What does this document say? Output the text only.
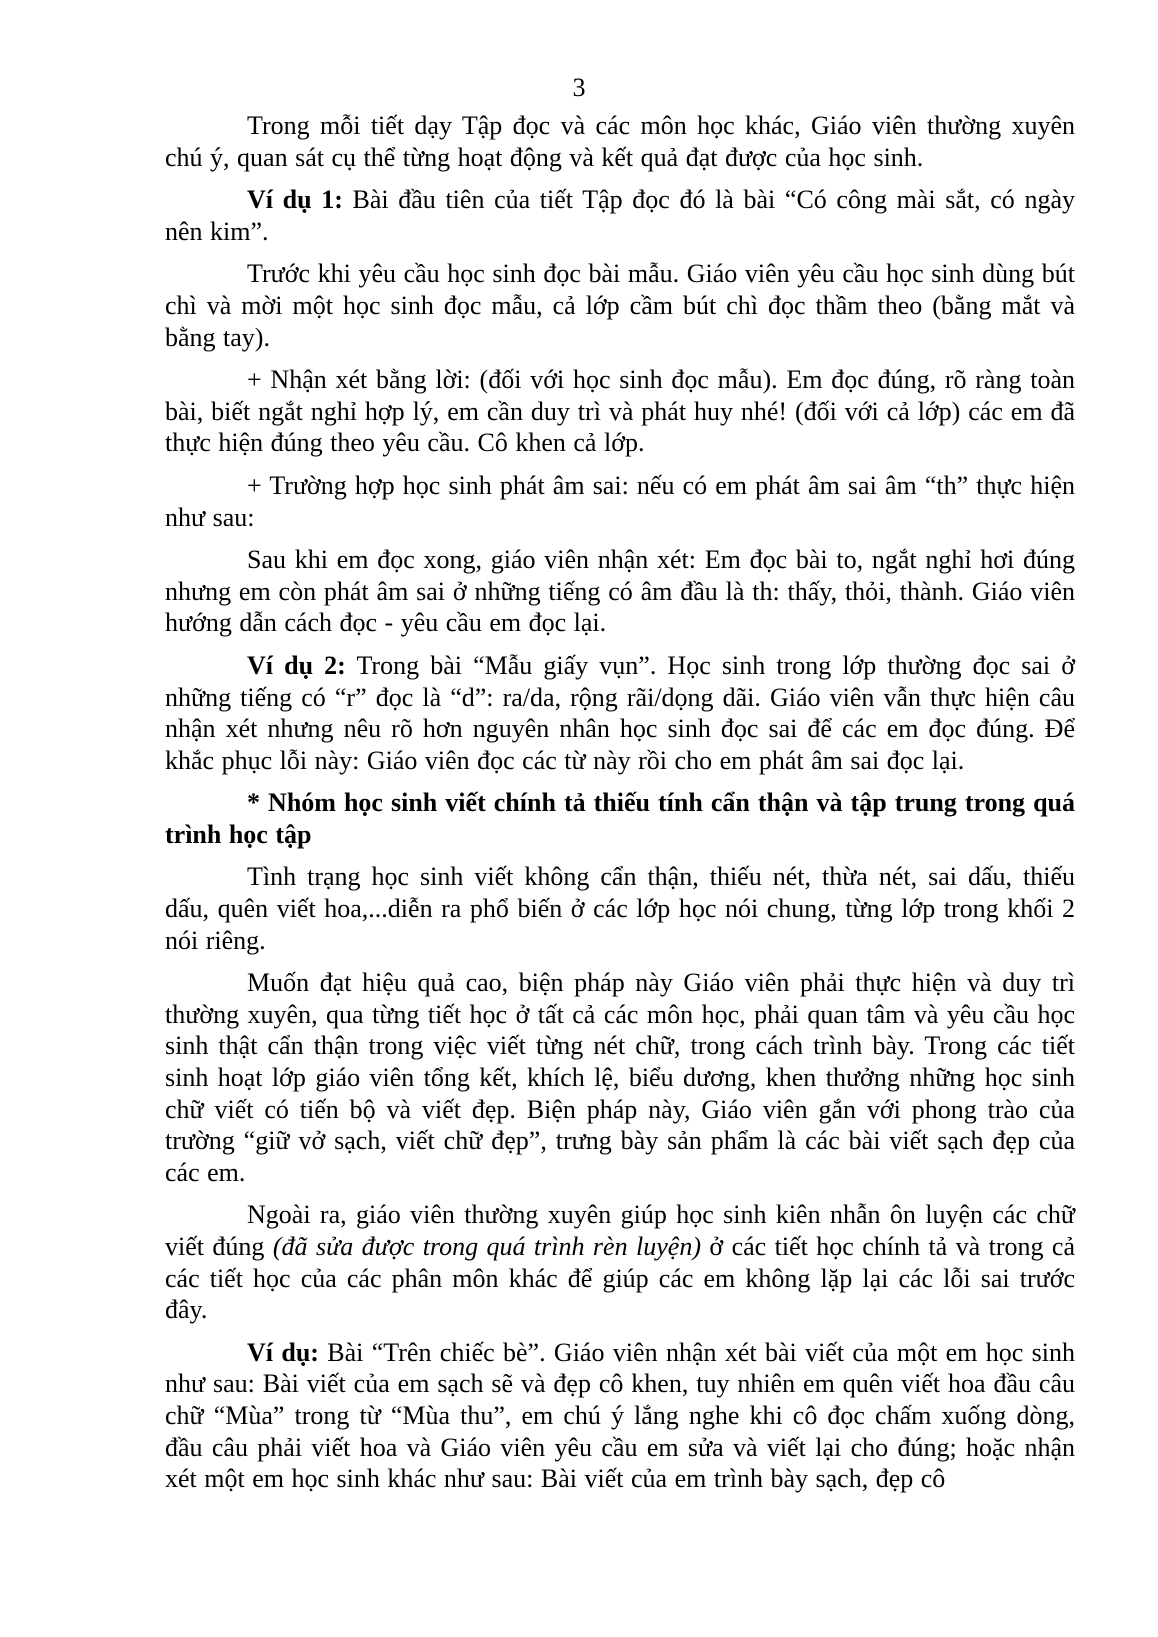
3

Trong mỗi tiết dạy Tập đọc và các môn học khác, Giáo viên thường xuyên chú ý, quan sát cụ thể từng hoạt động và kết quả đạt được của học sinh.

Ví dụ 1: Bài đầu tiên của tiết Tập đọc đó là bài “Có công mài sắt, có ngày nên kim”.

Trước khi yêu cầu học sinh đọc bài mẫu. Giáo viên yêu cầu học sinh dùng bút chì và mời một học sinh đọc mẫu, cả lớp cầm bút chì đọc thầm theo (bằng mắt và bằng tay).

+ Nhận xét bằng lời: (đối với học sinh đọc mẫu). Em đọc đúng, rõ ràng toàn bài, biết ngắt nghỉ hợp lý, em cần duy trì và phát huy nhé! (đối với cả lớp) các em đã thực hiện đúng theo yêu cầu. Cô khen cả lớp.

+ Trường hợp học sinh phát âm sai: nếu có em phát âm sai âm “th” thực hiện như sau:

Sau khi em đọc xong, giáo viên nhận xét: Em đọc bài to, ngắt nghỉ hơi đúng nhưng em còn phát âm sai ở những tiếng có âm đầu là th: thấy, thỏi, thành. Giáo viên hướng dẫn cách đọc - yêu cầu em đọc lại.

Ví dụ 2: Trong bài “Mẫu giấy vụn”. Học sinh trong lớp thường đọc sai ở những tiếng có “r” đọc là “d”: ra/da, rộng rãi/dọng dãi. Giáo viên vẫn thực hiện câu nhận xét nhưng nêu rõ hơn nguyên nhân học sinh đọc sai để các em đọc đúng. Để khắc phục lỗi này: Giáo viên đọc các từ này rồi cho em phát âm sai đọc lại.

* Nhóm học sinh viết chính tả thiếu tính cẩn thận và tập trung trong quá trình học tập

Tình trạng học sinh viết không cẩn thận, thiếu nét, thừa nét, sai dấu, thiếu dấu, quên viết hoa,...diễn ra phổ biến ở các lớp học nói chung, từng lớp trong khối 2 nói riêng.

Muốn đạt hiệu quả cao, biện pháp này Giáo viên phải thực hiện và duy trì thường xuyên, qua từng tiết học ở tất cả các môn học, phải quan tâm và yêu cầu học sinh thật cẩn thận trong việc viết từng nét chữ, trong cách trình bày. Trong các tiết sinh hoạt lớp giáo viên tổng kết, khích lệ, biểu dương, khen thưởng những học sinh chữ viết có tiến bộ và viết đẹp. Biện pháp này, Giáo viên gắn với phong trào của trường “giữ vở sạch, viết chữ đẹp”, trưng bày sản phẩm là các bài viết sạch đẹp của các em.

Ngoài ra, giáo viên thường xuyên giúp học sinh kiên nhẫn ôn luyện các chữ viết đúng (đã sửa được trong quá trình rèn luyện) ở các tiết học chính tả và trong cả các tiết học của các phân môn khác để giúp các em không lặp lại các lỗi sai trước đây.

Ví dụ: Bài “Trên chiếc bè”. Giáo viên nhận xét bài viết của một em học sinh như sau: Bài viết của em sạch sẽ và đẹp cô khen, tuy nhiên em quên viết hoa đầu câu chữ “Mùa” trong từ “Mùa thu”, em chú ý lắng nghe khi cô đọc chấm xuống dòng, đầu câu phải viết hoa và Giáo viên yêu cầu em sửa và viết lại cho đúng; hoặc nhận xét một em học sinh khác như sau: Bài viết của em trình bày sạch, đẹp cô
